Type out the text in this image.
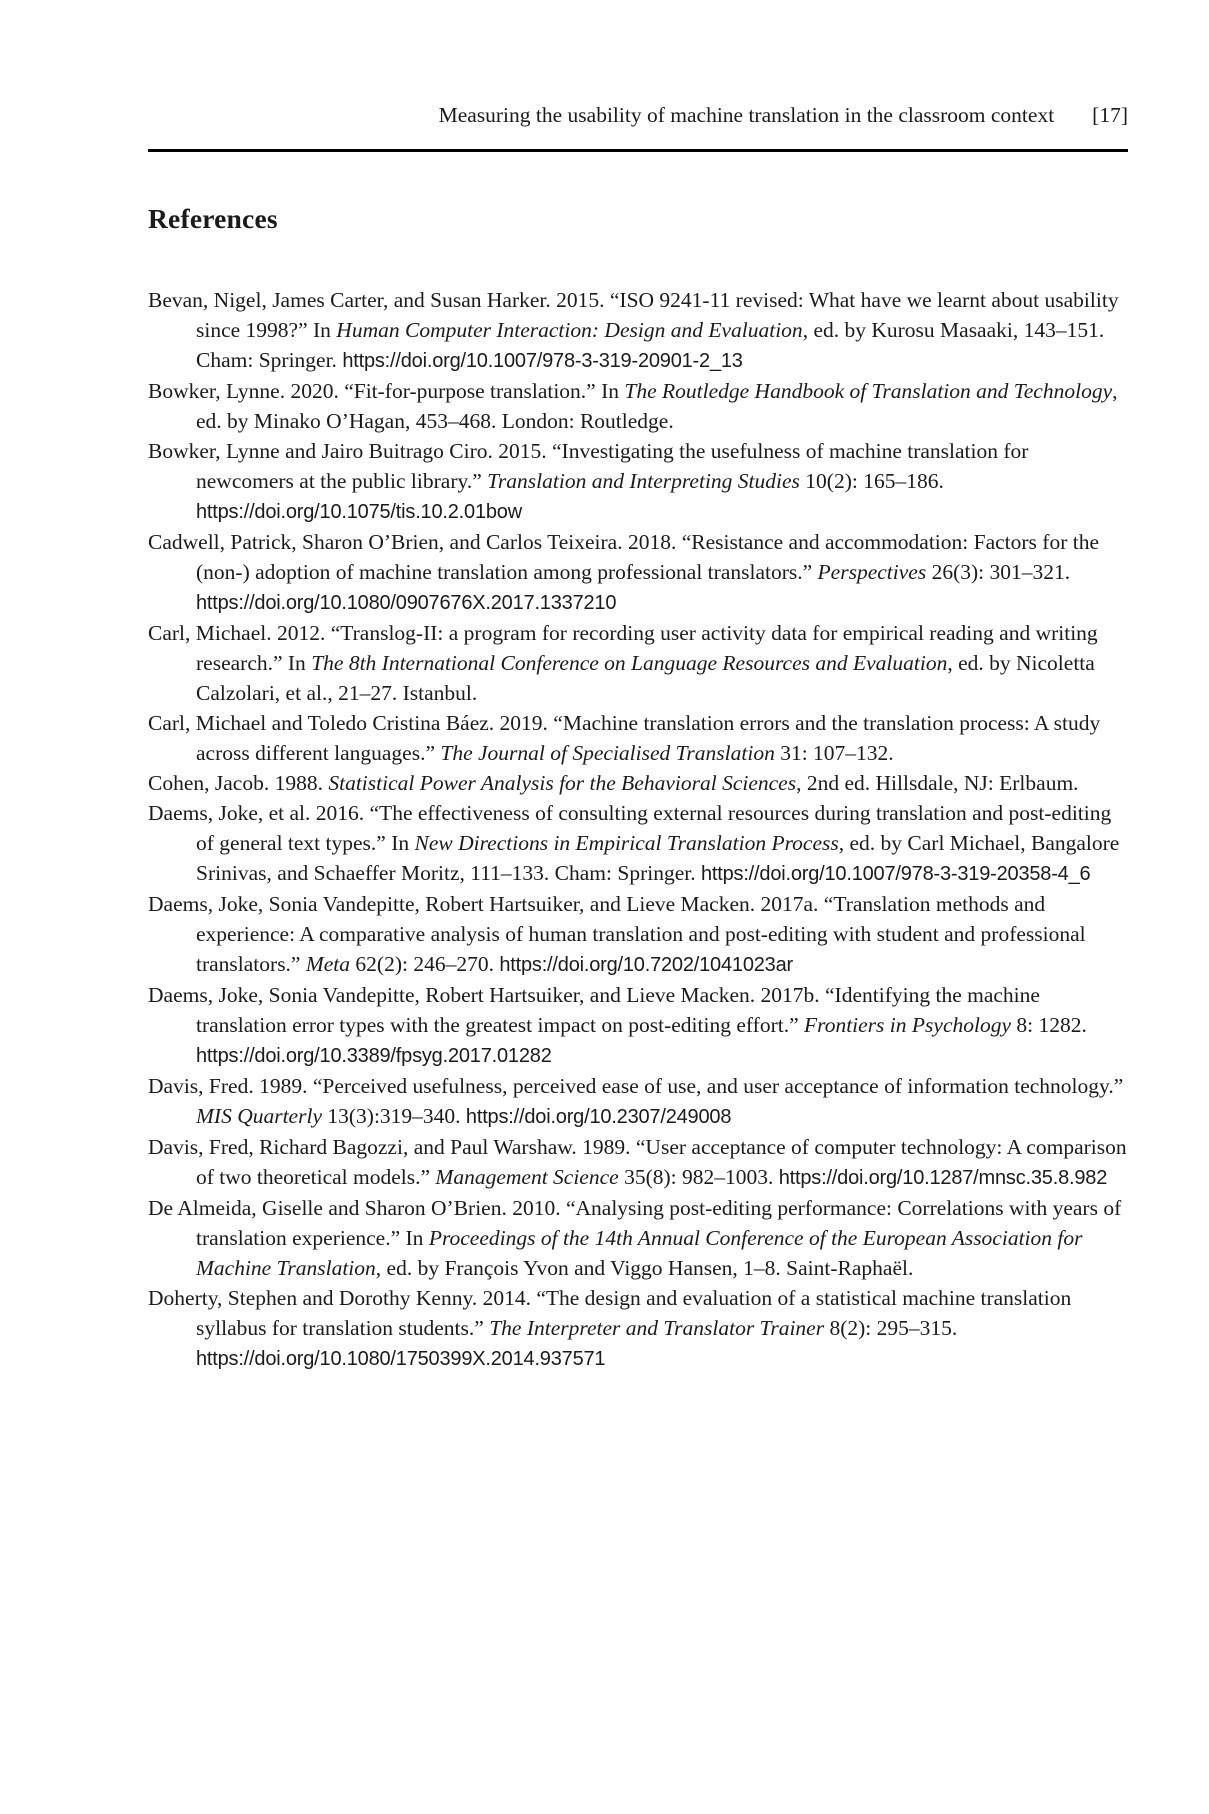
Measuring the usability of machine translation in the classroom context [17]
References

Bevan, Nigel, James Carter, and Susan Harker. 2015. “ISO 9241-11 revised: What have we learnt about usability since 1998?” In Human Computer Interaction: Design and Evaluation, ed. by Kurosu Masaaki, 143–151. Cham: Springer. https://doi.org/10.1007/978-3-319-20901-2_13

Bowker, Lynne. 2020. “Fit-for-purpose translation.” In The Routledge Handbook of Translation and Technology, ed. by Minako O’Hagan, 453–468. London: Routledge.

Bowker, Lynne and Jairo Buitrago Ciro. 2015. “Investigating the usefulness of machine translation for newcomers at the public library.” Translation and Interpreting Studies 10(2): 165–186. https://doi.org/10.1075/tis.10.2.01bow

Cadwell, Patrick, Sharon O’Brien, and Carlos Teixeira. 2018. “Resistance and accommodation: Factors for the (non-) adoption of machine translation among professional translators.” Perspectives 26(3): 301–321. https://doi.org/10.1080/0907676X.2017.1337210

Carl, Michael. 2012. “Translog-II: a program for recording user activity data for empirical reading and writing research.” In The 8th International Conference on Language Resources and Evaluation, ed. by Nicoletta Calzolari, et al., 21–27. Istanbul.

Carl, Michael and Toledo Cristina Báez. 2019. “Machine translation errors and the translation process: A study across different languages.” The Journal of Specialised Translation 31: 107–132.

Cohen, Jacob. 1988. Statistical Power Analysis for the Behavioral Sciences, 2nd ed. Hillsdale, NJ: Erlbaum.

Daems, Joke, et al. 2016. “The effectiveness of consulting external resources during translation and post-editing of general text types.” In New Directions in Empirical Translation Process, ed. by Carl Michael, Bangalore Srinivas, and Schaeffer Moritz, 111–133. Cham: Springer. https://doi.org/10.1007/978-3-319-20358-4_6

Daems, Joke, Sonia Vandepitte, Robert Hartsuiker, and Lieve Macken. 2017a. “Translation methods and experience: A comparative analysis of human translation and post-editing with student and professional translators.” Meta 62(2): 246–270. https://doi.org/10.7202/1041023ar

Daems, Joke, Sonia Vandepitte, Robert Hartsuiker, and Lieve Macken. 2017b. “Identifying the machine translation error types with the greatest impact on post-editing effort.” Frontiers in Psychology 8: 1282. https://doi.org/10.3389/fpsyg.2017.01282

Davis, Fred. 1989. “Perceived usefulness, perceived ease of use, and user acceptance of information technology.” MIS Quarterly 13(3):319–340. https://doi.org/10.2307/249008

Davis, Fred, Richard Bagozzi, and Paul Warshaw. 1989. “User acceptance of computer technology: A comparison of two theoretical models.” Management Science 35(8): 982–1003. https://doi.org/10.1287/mnsc.35.8.982

De Almeida, Giselle and Sharon O’Brien. 2010. “Analysing post-editing performance: Correlations with years of translation experience.” In Proceedings of the 14th Annual Conference of the European Association for Machine Translation, ed. by François Yvon and Viggo Hansen, 1–8. Saint-Raphaël.

Doherty, Stephen and Dorothy Kenny. 2014. “The design and evaluation of a statistical machine translation syllabus for translation students.” The Interpreter and Translator Trainer 8(2): 295–315. https://doi.org/10.1080/1750399X.2014.937571
